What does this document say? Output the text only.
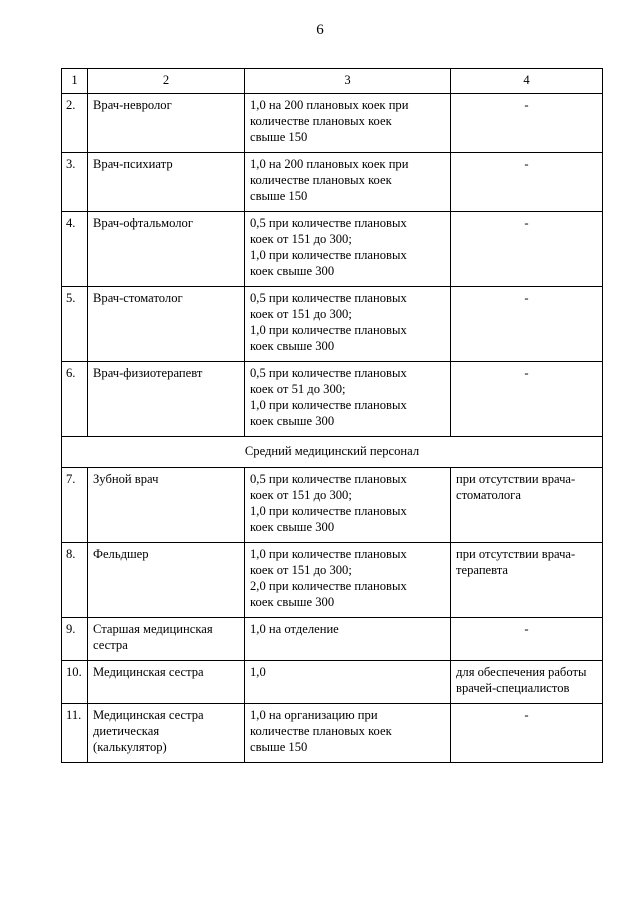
6
1	2	3	4
2.	Врач-невролог	1,0 на 200 плановых коек при
количестве плановых коек
свыше 150	-

3.	Врач-психиатр	1,0 на 200 плановых коек при
количестве плановых коек
свыше 150	-

4.	Врач-офтальмолог	0,5 при количестве плановых
коек от 151 до 300;
1,0 при количестве плановых
коек свыше 300	-

5.	Врач-стоматолог	0,5 при количестве плановых
коек от 151 до 300;
1,0 при количестве плановых
коек свыше 300	-

6.	Врач-физиотерапевт	0,5 при количестве плановых
коек от 51 до 300;
1,0 при количестве плановых
коек свыше 300	-

Средний медицинский персонал			
7.	Зубной врач	0,5 при количестве плановых
коек от 151 до 300;
1,0 при количестве плановых
коек свыше 300	при отсутствии врача-
стоматолога

8.	Фельдшер	1,0 при количестве плановых
коек от 151 до 300;
2,0 при количестве плановых
коек свыше 300	при отсутствии врача-
терапевта

9.	Старшая медицинская
сестра	1,0 на отделение	-

10.	Медицинская сестра	1,0	для обеспечения работы
врачей-специалистов

11.	Медицинская сестра
диетическая
(калькулятор)	1,0 на организацию при
количестве плановых коек
свыше 150	-
